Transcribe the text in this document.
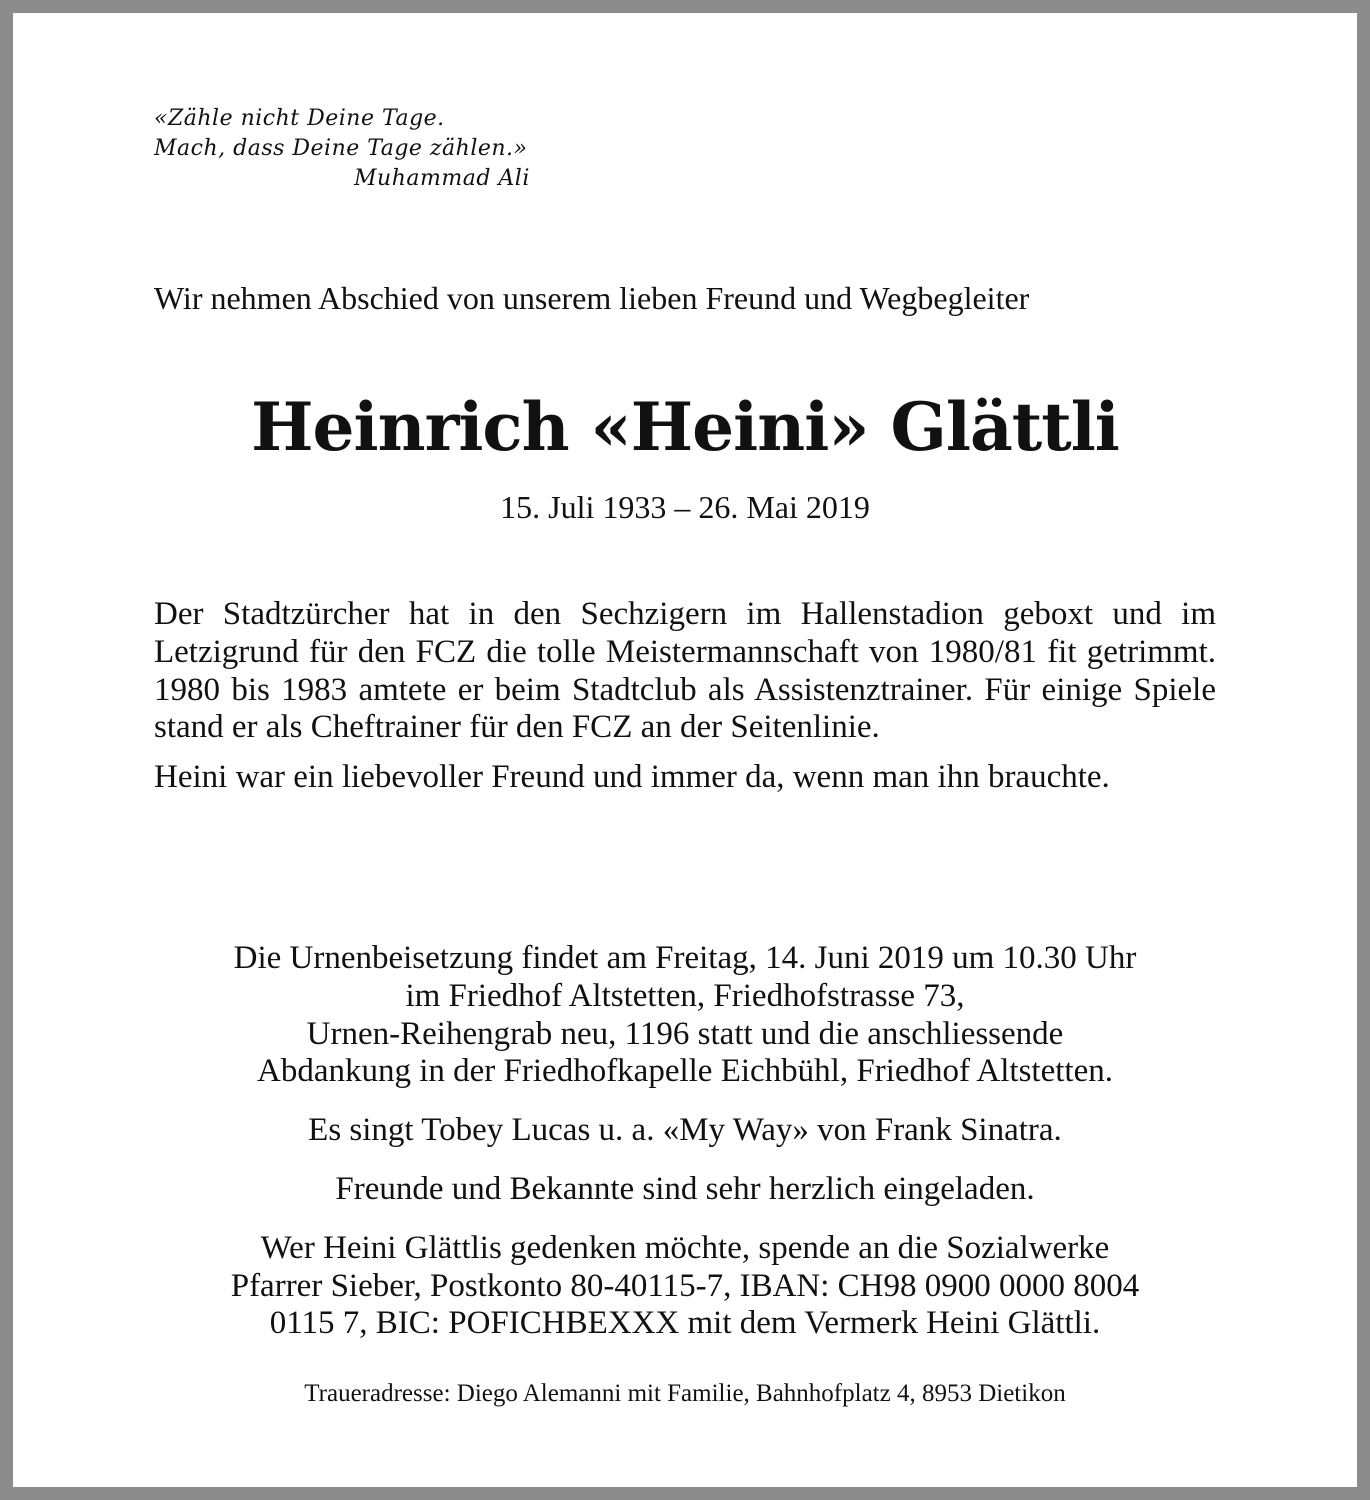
«Zähle nicht Deine Tage.
Mach, dass Deine Tage zählen.»
Muhammad Ali
Wir nehmen Abschied von unserem lieben Freund und Wegbegleiter
Heinrich «Heini» Glättli
15. Juli 1933 – 26. Mai 2019

Der Stadtzürcher hat in den Sechzigern im Hallenstadion geboxt und im Letzigrund für den FCZ die tolle Meistermannschaft von 1980/81 fit getrimmt. 1980 bis 1983 amtete er beim Stadtclub als Assistenztrainer. Für einige Spiele stand er als Cheftrainer für den FCZ an der Seitenlinie.

Heini war ein liebevoller Freund und immer da, wenn man ihn brauchte.

Die Urnenbeisetzung findet am Freitag, 14. Juni 2019 um 10.30 Uhr

im Friedhof Altstetten, Friedhofstrasse 73,

Urnen-Reihengrab neu, 1196 statt und die anschliessende

Abdankung in der Friedhofkapelle Eichbühl, Friedhof Altstetten.

Es singt Tobey Lucas u. a. «My Way» von Frank Sinatra.

Freunde und Bekannte sind sehr herzlich eingeladen.

Wer Heini Glättlis gedenken möchte, spende an die Sozialwerke

Pfarrer Sieber, Postkonto 80-40115-7, IBAN: CH98 0900 0000 8004

0115 7, BIC: POFICHBEXXX mit dem Vermerk Heini Glättli.

Traueradresse: Diego Alemanni mit Familie, Bahnhofplatz 4, 8953 Dietikon
